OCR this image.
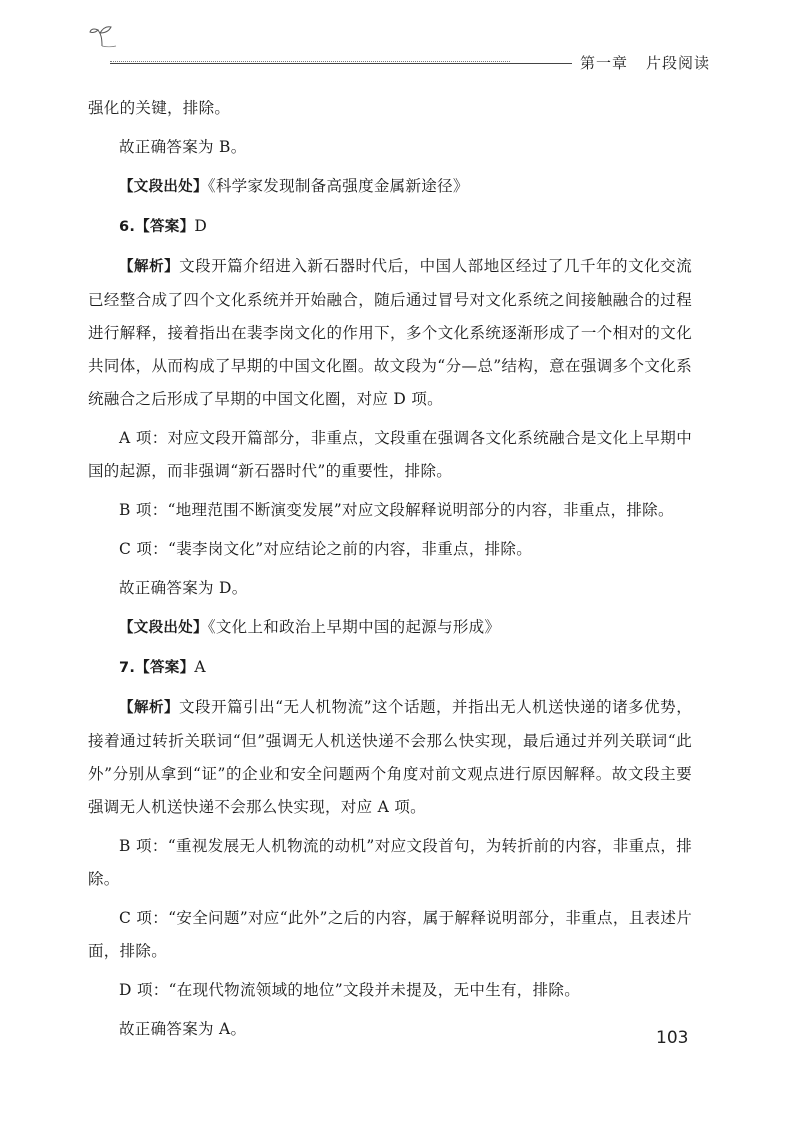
第一章 片段阅读

强化的关键，排除。

故正确答案为 B。

【文段出处】《科学家发现制备高强度金属新途径》

6.【答案】D

【解析】文段开篇介绍进入新石器时代后，中国人部地区经过了几千年的文化交流已经整合成了四个文化系统并开始融合，随后通过冒号对文化系统之间接触融合的过程进行解释，接着指出在裴李岗文化的作用下，多个文化系统逐渐形成了一个相对的文化共同体，从而构成了早期的中国文化圈。故文段为“分—总”结构，意在强调多个文化系统融合之后形成了早期的中国文化圈，对应 D 项。

A 项：对应文段开篇部分，非重点，文段重在强调各文化系统融合是文化上早期中国的起源，而非强调“新石器时代”的重要性，排除。

B 项：“地理范围不断演变发展”对应文段解释说明部分的内容，非重点，排除。

C 项：“裴李岗文化”对应结论之前的内容，非重点，排除。

故正确答案为 D。

【文段出处】《文化上和政治上早期中国的起源与形成》

7.【答案】A

【解析】文段开篇引出“无人机物流”这个话题，并指出无人机送快递的诸多优势，接着通过转折关联词“但”强调无人机送快递不会那么快实现，最后通过并列关联词“此外”分别从拿到“证”的企业和安全问题两个角度对前文观点进行原因解释。故文段主要强调无人机送快递不会那么快实现，对应 A 项。

B 项：“重视发展无人机物流的动机”对应文段首句，为转折前的内容，非重点，排除。

C 项：“安全问题”对应“此外”之后的内容，属于解释说明部分，非重点，且表述片面，排除。

D 项：“在现代物流领域的地位”文段并未提及，无中生有，排除。

故正确答案为 A。	103
